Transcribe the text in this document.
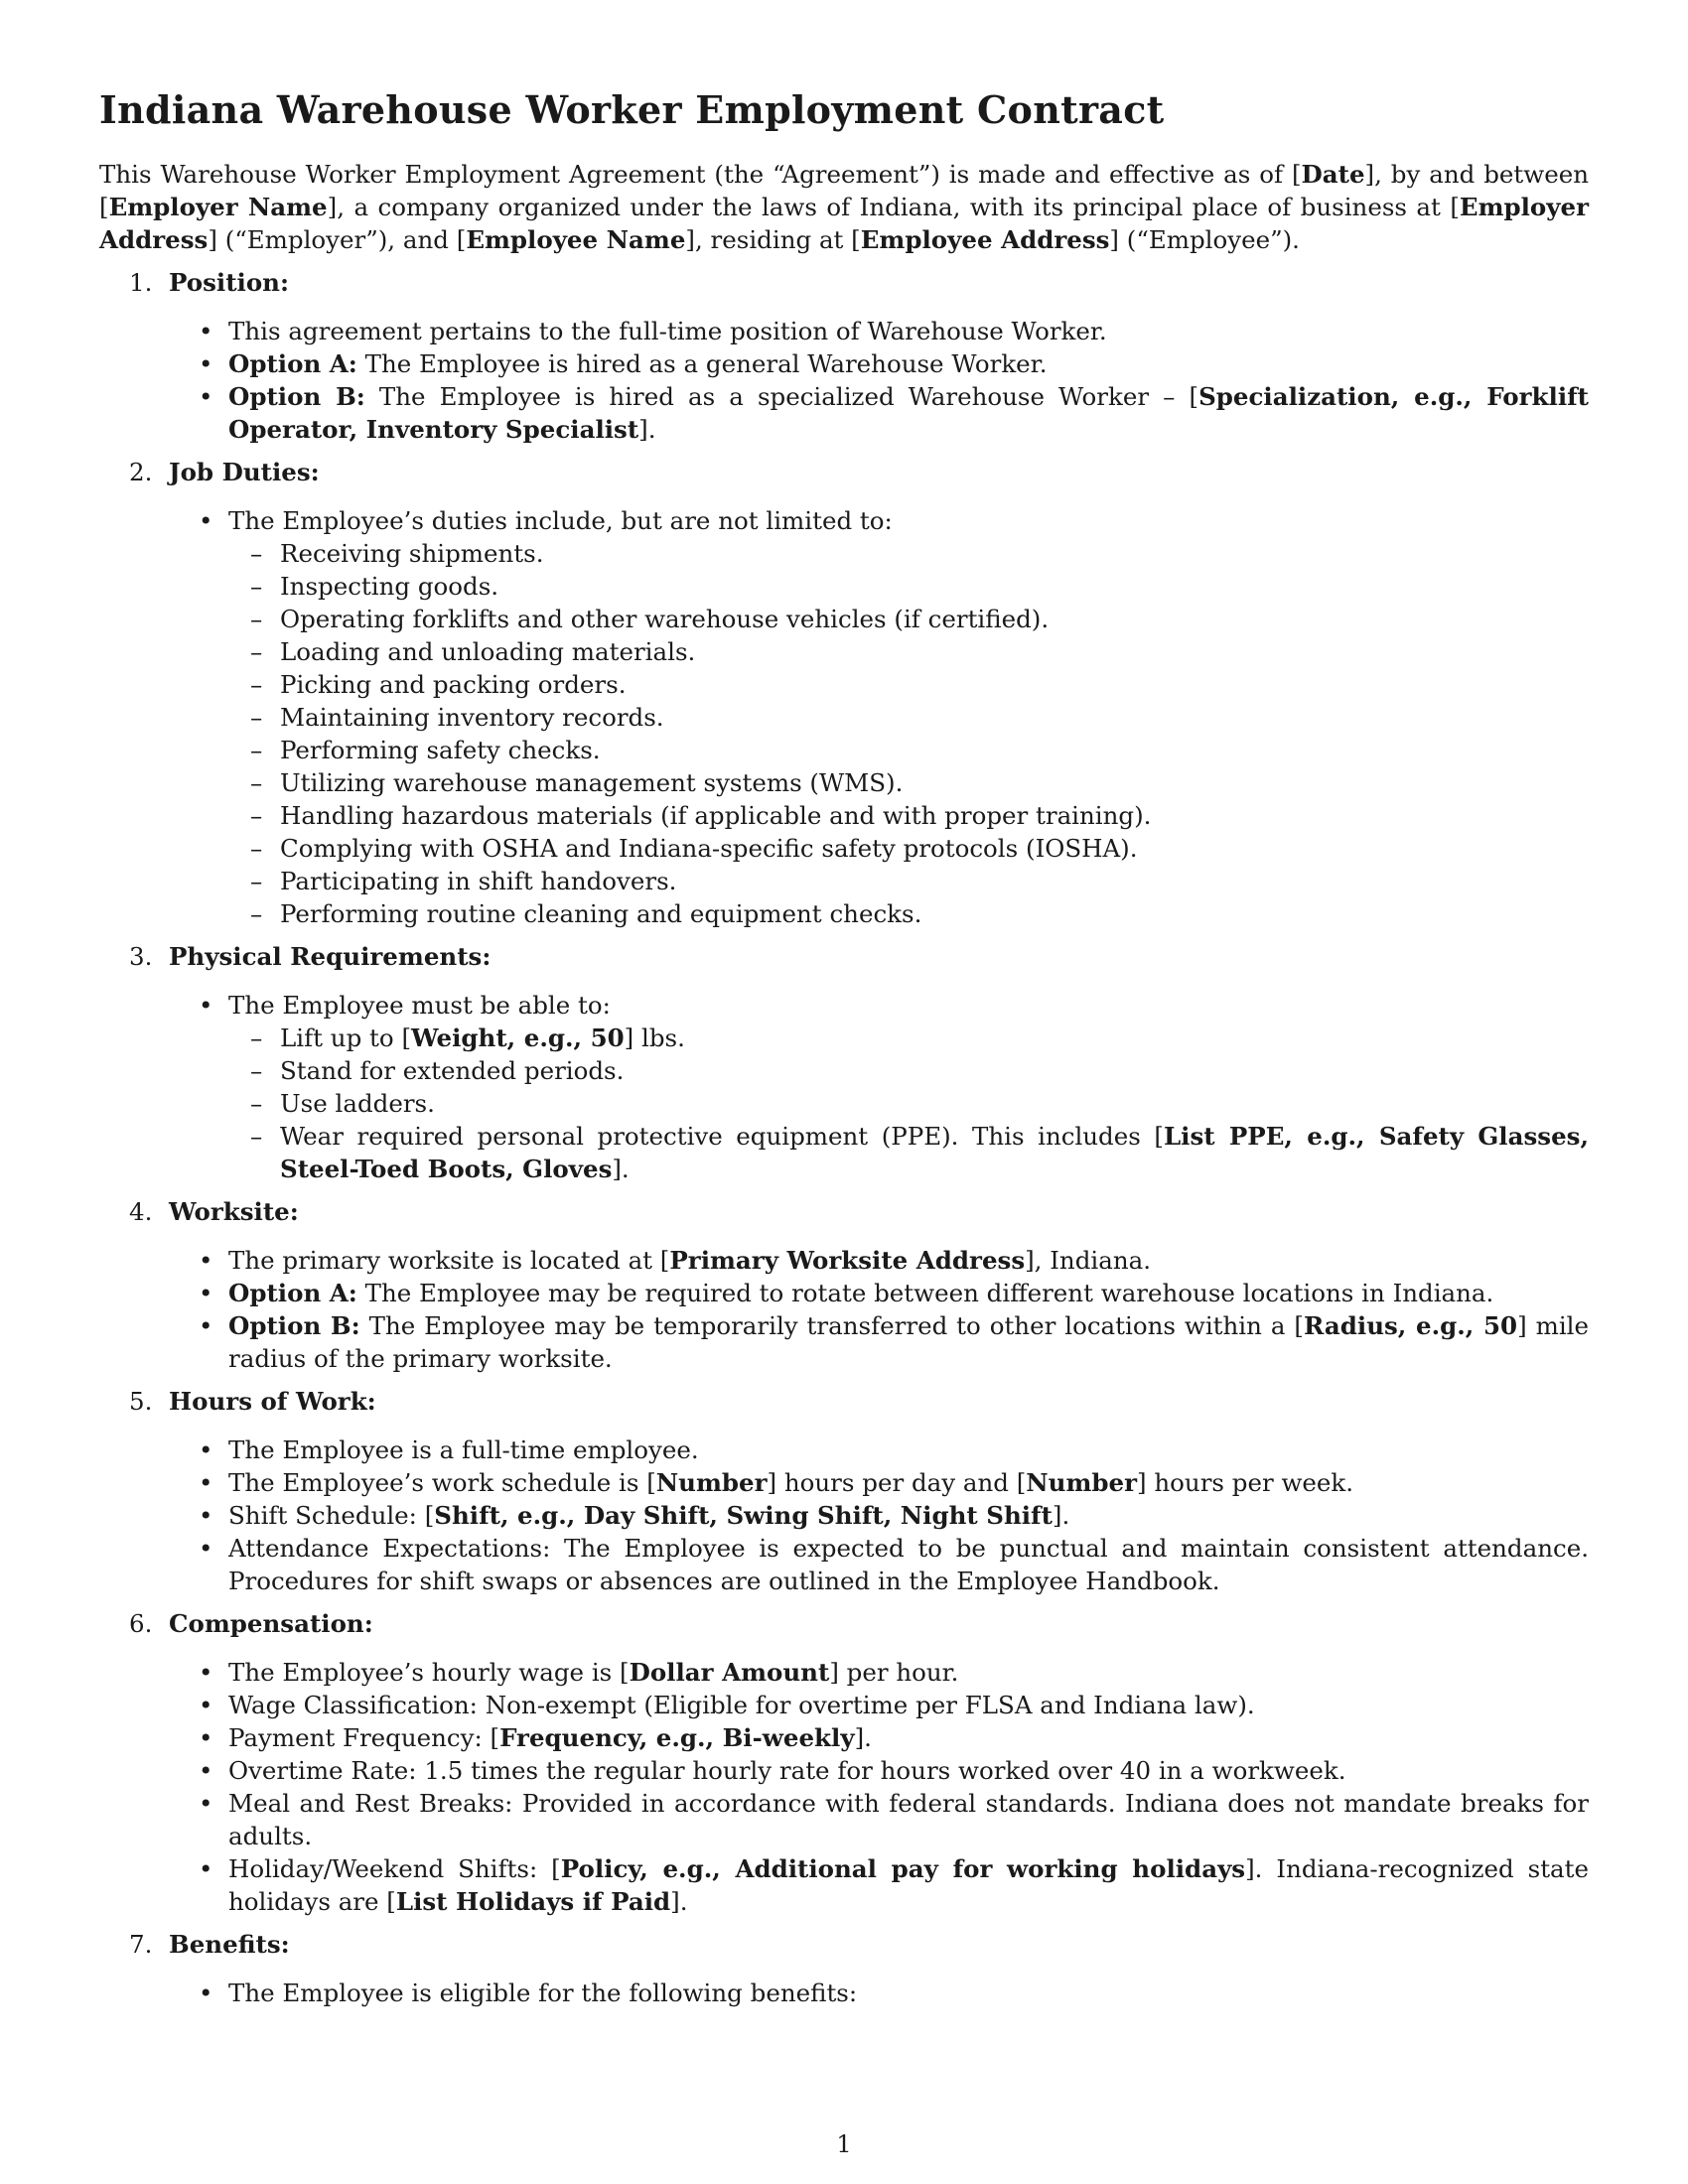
Indiana Warehouse Worker Employment Contract

This Warehouse Worker Employment Agreement (the “Agreement”) is made and effective as of [Date], by and between [Employer Name], a company organized under the laws of Indiana, with its principal place of business at [Employer Address] (“Employer”), and [Employee Name], residing at [Employee Address] (“Employee”).

1. Position:
• This agreement pertains to the full-time position of Warehouse Worker.
• Option A: The Employee is hired as a general Warehouse Worker.
• Option B: The Employee is hired as a specialized Warehouse Worker – [Specialization, e.g., Forklift Operator, Inventory Specialist].
2. Job Duties:
• The Employee’s duties include, but are not limited to:
– Receiving shipments.
– Inspecting goods.
– Operating forklifts and other warehouse vehicles (if certified).
– Loading and unloading materials.
– Picking and packing orders.
– Maintaining inventory records.
– Performing safety checks.
– Utilizing warehouse management systems (WMS).
– Handling hazardous materials (if applicable and with proper training).
– Complying with OSHA and Indiana-specific safety protocols (IOSHA).
– Participating in shift handovers.
– Performing routine cleaning and equipment checks.
3. Physical Requirements:
• The Employee must be able to:
– Lift up to [Weight, e.g., 50] lbs.
– Stand for extended periods.
– Use ladders.
– Wear required personal protective equipment (PPE). This includes [List PPE, e.g., Safety Glasses, Steel-Toed Boots, Gloves].
4. Worksite:
• The primary worksite is located at [Primary Worksite Address], Indiana.
• Option A: The Employee may be required to rotate between different warehouse locations in Indiana.
• Option B: The Employee may be temporarily transferred to other locations within a [Radius, e.g., 50] mile radius of the primary worksite.
5. Hours of Work:
• The Employee is a full-time employee.
• The Employee’s work schedule is [Number] hours per day and [Number] hours per week.
• Shift Schedule: [Shift, e.g., Day Shift, Swing Shift, Night Shift].
• Attendance Expectations: The Employee is expected to be punctual and maintain consistent attendance. Procedures for shift swaps or absences are outlined in the Employee Handbook.
6. Compensation:
• The Employee’s hourly wage is [Dollar Amount] per hour.
• Wage Classification: Non-exempt (Eligible for overtime per FLSA and Indiana law).
• Payment Frequency: [Frequency, e.g., Bi-weekly].
• Overtime Rate: 1.5 times the regular hourly rate for hours worked over 40 in a workweek.
• Meal and Rest Breaks: Provided in accordance with federal standards. Indiana does not mandate breaks for adults.
• Holiday/Weekend Shifts: [Policy, e.g., Additional pay for working holidays]. Indiana-recognized state holidays are [List Holidays if Paid].
7. Benefits:
• The Employee is eligible for the following benefits:
1
